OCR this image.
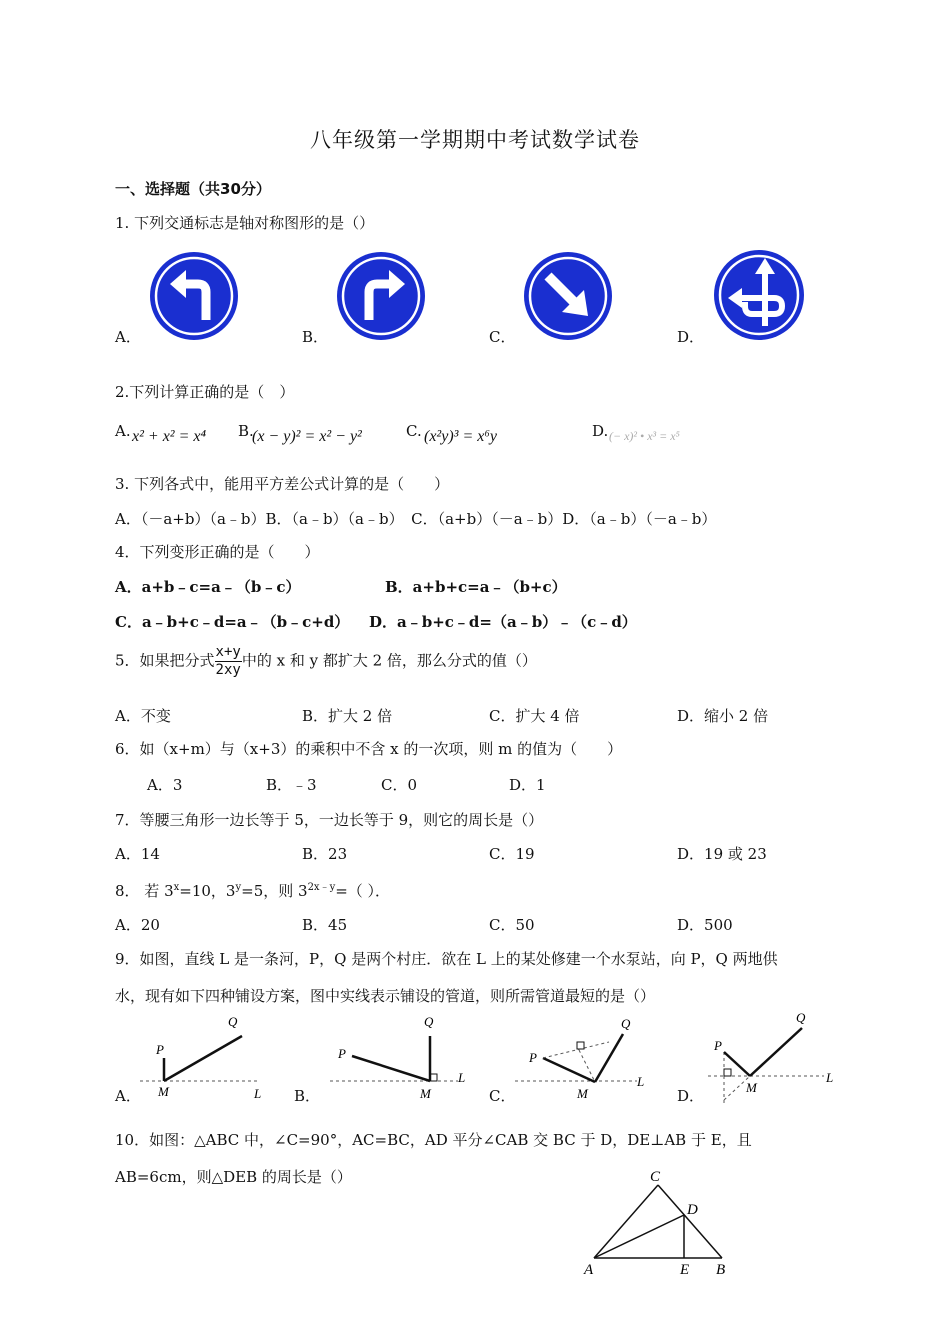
八年级第一学期期中考试数学试卷
一、选择题（共30分）
1. 下列交通标志是轴对称图形的是（）
A．	B．	C．	D．
2.下列计算正确的是（　）
A. x² + x² = x⁴ B.
(x − y)² = x² − y²	C. (x²y)³ = x⁶y	D. (− x)² • x³ = x⁵
3. 下列各式中，能用平方差公式计算的是（　　）
A．（－a+b）（a﹣b）B．（a﹣b）（a﹣b）　C．（a+b）（－a﹣b）D．（a﹣b）（－a﹣b）
4．下列变形正确的是（　　）
A．a+b﹣c=a﹣（b﹣c）	B．a+b+c=a﹣（b+c）
C．a﹣b+c﹣d=a﹣（b﹣c+d） D．a﹣b+c﹣d=（a﹣b）﹣（c﹣d）
5．如果把分式 $\frac{x+y}{2xy}$ 中的 x 和 y 都扩大 2 倍，那么分式的值（）
A．不变	B．扩大 2 倍	C．扩大 4 倍	D．缩小 2 倍
6．如（x+m）与（x+3）的乘积中不含 x 的一次项，则 m 的值为（　　）
A．3	B．﹣3	C．0	D．1
7．等腰三角形一边长等于 5，一边长等于 9，则它的周长是（）
A．14	B．23	C．19	D．19 或 23
8． 若 $3^x=10$，$3^y=5$，则 $3^{2x﹣y}=$（ ）．
A．20	B．45	C．50	D．500
9．如图，直线 L 是一条河，P，Q 是两个村庄．欲在 L 上的某处修建一个水泵站，向 P，Q 两地供
水，现有如下四种铺设方案，图中实线表示铺设的管道，则所需管道最短的是（）
A．	B．	C．	D．
P
Q
M	L
P
Q
M
L
P
Q
M
L
P
Q
M
L
10．如图：△ABC 中，∠C=90°，AC=BC，AD 平分∠CAB 交 BC 于 D，DE⊥AB 于 E，且
AB=6cm，则△DEB 的周长是（）	C
D
A	E B
